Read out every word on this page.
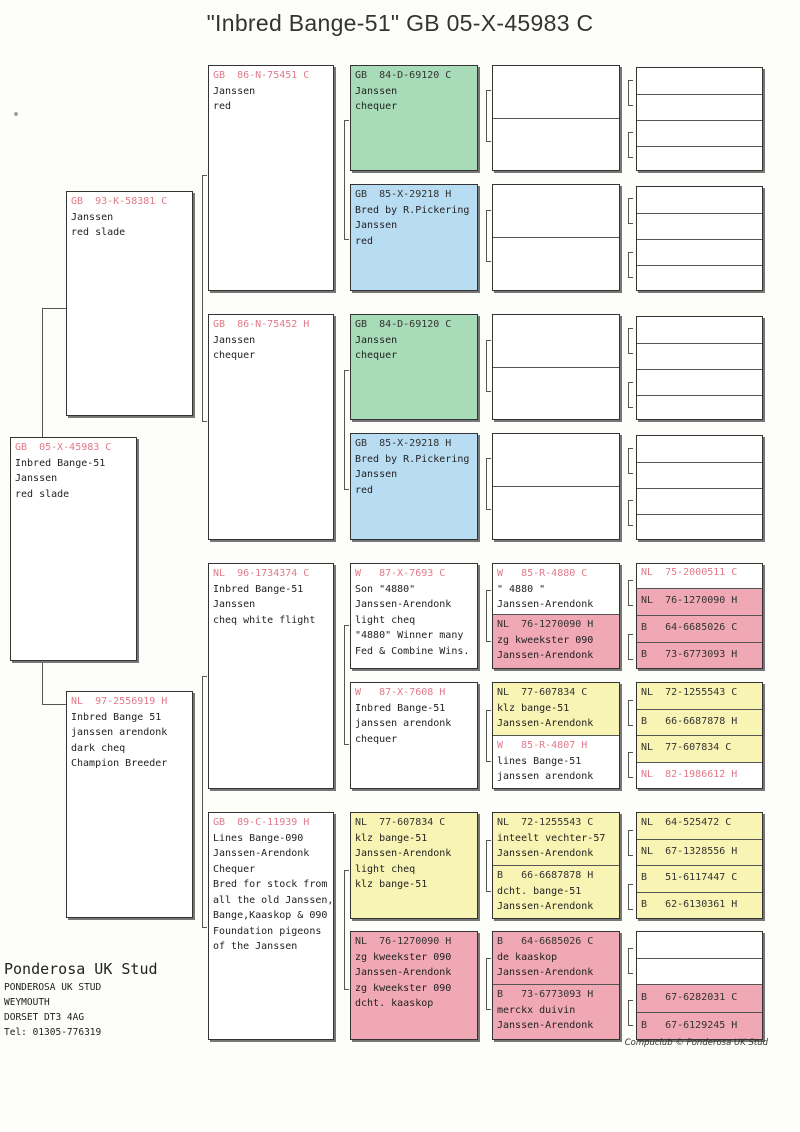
"Inbred Bange-51" GB 05-X-45983 C
GB  05-X-45983 C
Inbred Bange-51
Janssen
red slade
GB  93-K-58381 C
Janssen
red slade
NL  97-2556919 H
Inbred Bange 51
janssen arendonk
dark cheq
Champion Breeder
GB  86-N-75451 C
Janssen
red
GB  86-N-75452 H
Janssen
chequer
NL  96-1734374 C
Inbred Bange-51
Janssen
cheq white flight
GB  89-C-11939 H
Lines Bange-090
Janssen-Arendonk
Chequer
Bred for stock from
all the old Janssen,
Bange,Kaaskop & 090
Foundation pigeons
of the Janssen
GB  84-D-69120 C
Janssen
chequer
GB  85-X-29218 H
Bred by R.Pickering
Janssen
red
GB  84-D-69120 C
Janssen
chequer
GB  85-X-29218 H
Bred by R.Pickering
Janssen
red
W   87-X-7693 C
Son "4880"
Janssen-Arendonk
light cheq
"4880" Winner many
Fed & Combine Wins.
W   87-X-7608 H
Inbred Bange-51
janssen arendonk
chequer
NL  77-607834 C
klz bange-51
Janssen-Arendonk
light cheq
klz bange-51
NL  76-1270090 H
zg kweekster 090
Janssen-Arendonk
zg kweekster 090
dcht. kaaskop
W   85-R-4880 C
" 4880 "
Janssen-Arendonk
NL  76-1270090 H
zg kweekster 090
Janssen-Arendonk
NL  77-607834 C
klz bange-51
Janssen-Arendonk
W   85-R-4807 H
lines Bange-51
janssen arendonk
NL  72-1255543 C
inteelt vechter-57
Janssen-Arendonk
B   66-6687878 H
dcht. bange-51
Janssen-Arendonk
B   64-6685026 C
de kaaskop
Janssen-Arendonk
B   73-6773093 H
merckx duivin
Janssen-Arendonk
NL  75-2000511 C
NL  76-1270090 H
B   64-6685026 C
B   73-6773093 H
NL  72-1255543 C
B   66-6687878 H
NL  77-607834 C
NL  82-1986612 H
NL  64-525472 C
NL  67-1328556 H
B   51-6117447 C
B   62-6130361 H
B   67-6282031 C
B   67-6129245 H
Ponderosa UK Stud
PONDEROSA UK STUD
WEYMOUTH
DORSET DT3 4AG
Tel: 01305-776319
Compuclub © Ponderosa UK Stud
